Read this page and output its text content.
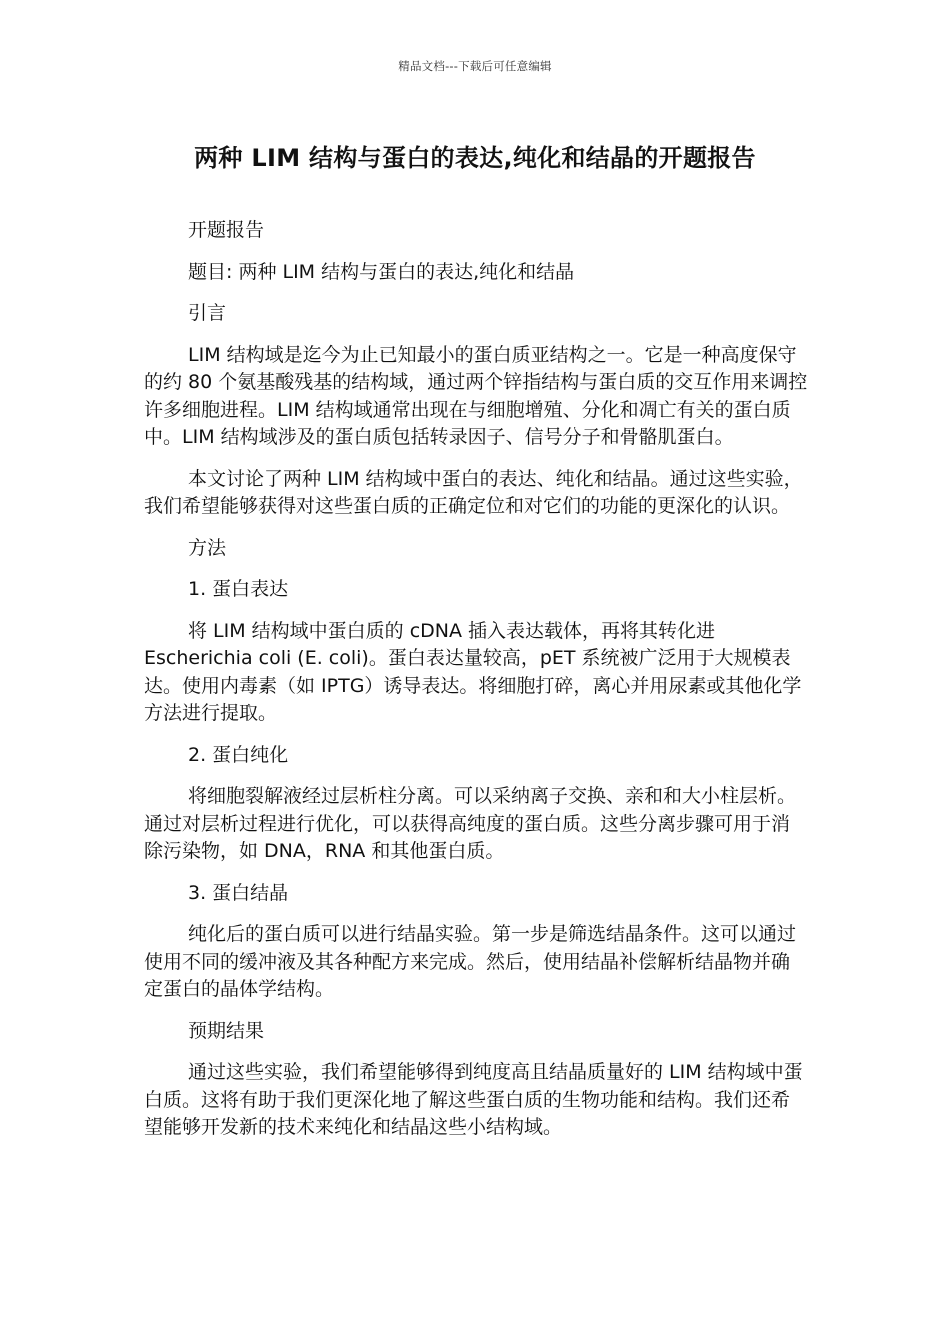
精品文档---下载后可任意编辑
两种 LIM 结构与蛋白的表达,纯化和结晶的开题报告

开题报告

题目: 两种 LIM 结构与蛋白的表达,纯化和结晶

引言

LIM 结构域是迄今为止已知最小的蛋白质亚结构之一。它是一种高度保守的约 80 个氨基酸残基的结构域，通过两个锌指结构与蛋白质的交互作用来调控许多细胞进程。LIM 结构域通常出现在与细胞增殖、分化和凋亡有关的蛋白质中。LIM 结构域涉及的蛋白质包括转录因子、信号分子和骨骼肌蛋白。

本文讨论了两种 LIM 结构域中蛋白的表达、纯化和结晶。通过这些实验，我们希望能够获得对这些蛋白质的正确定位和对它们的功能的更深化的认识。

方法

1. 蛋白表达

将 LIM 结构域中蛋白质的 cDNA 插入表达载体，再将其转化进 Escherichia coli (E. coli)。蛋白表达量较高，pET 系统被广泛用于大规模表达。使用内毒素（如 IPTG）诱导表达。将细胞打碎，离心并用尿素或其他化学方法进行提取。

2. 蛋白纯化

将细胞裂解液经过层析柱分离。可以采纳离子交换、亲和和大小柱层析。通过对层析过程进行优化，可以获得高纯度的蛋白质。这些分离步骤可用于消除污染物，如 DNA，RNA 和其他蛋白质。

3. 蛋白结晶

纯化后的蛋白质可以进行结晶实验。第一步是筛选结晶条件。这可以通过使用不同的缓冲液及其各种配方来完成。然后，使用结晶补偿解析结晶物并确定蛋白的晶体学结构。

预期结果

通过这些实验，我们希望能够得到纯度高且结晶质量好的 LIM 结构域中蛋白质。这将有助于我们更深化地了解这些蛋白质的生物功能和结构。我们还希望能够开发新的技术来纯化和结晶这些小结构域。
